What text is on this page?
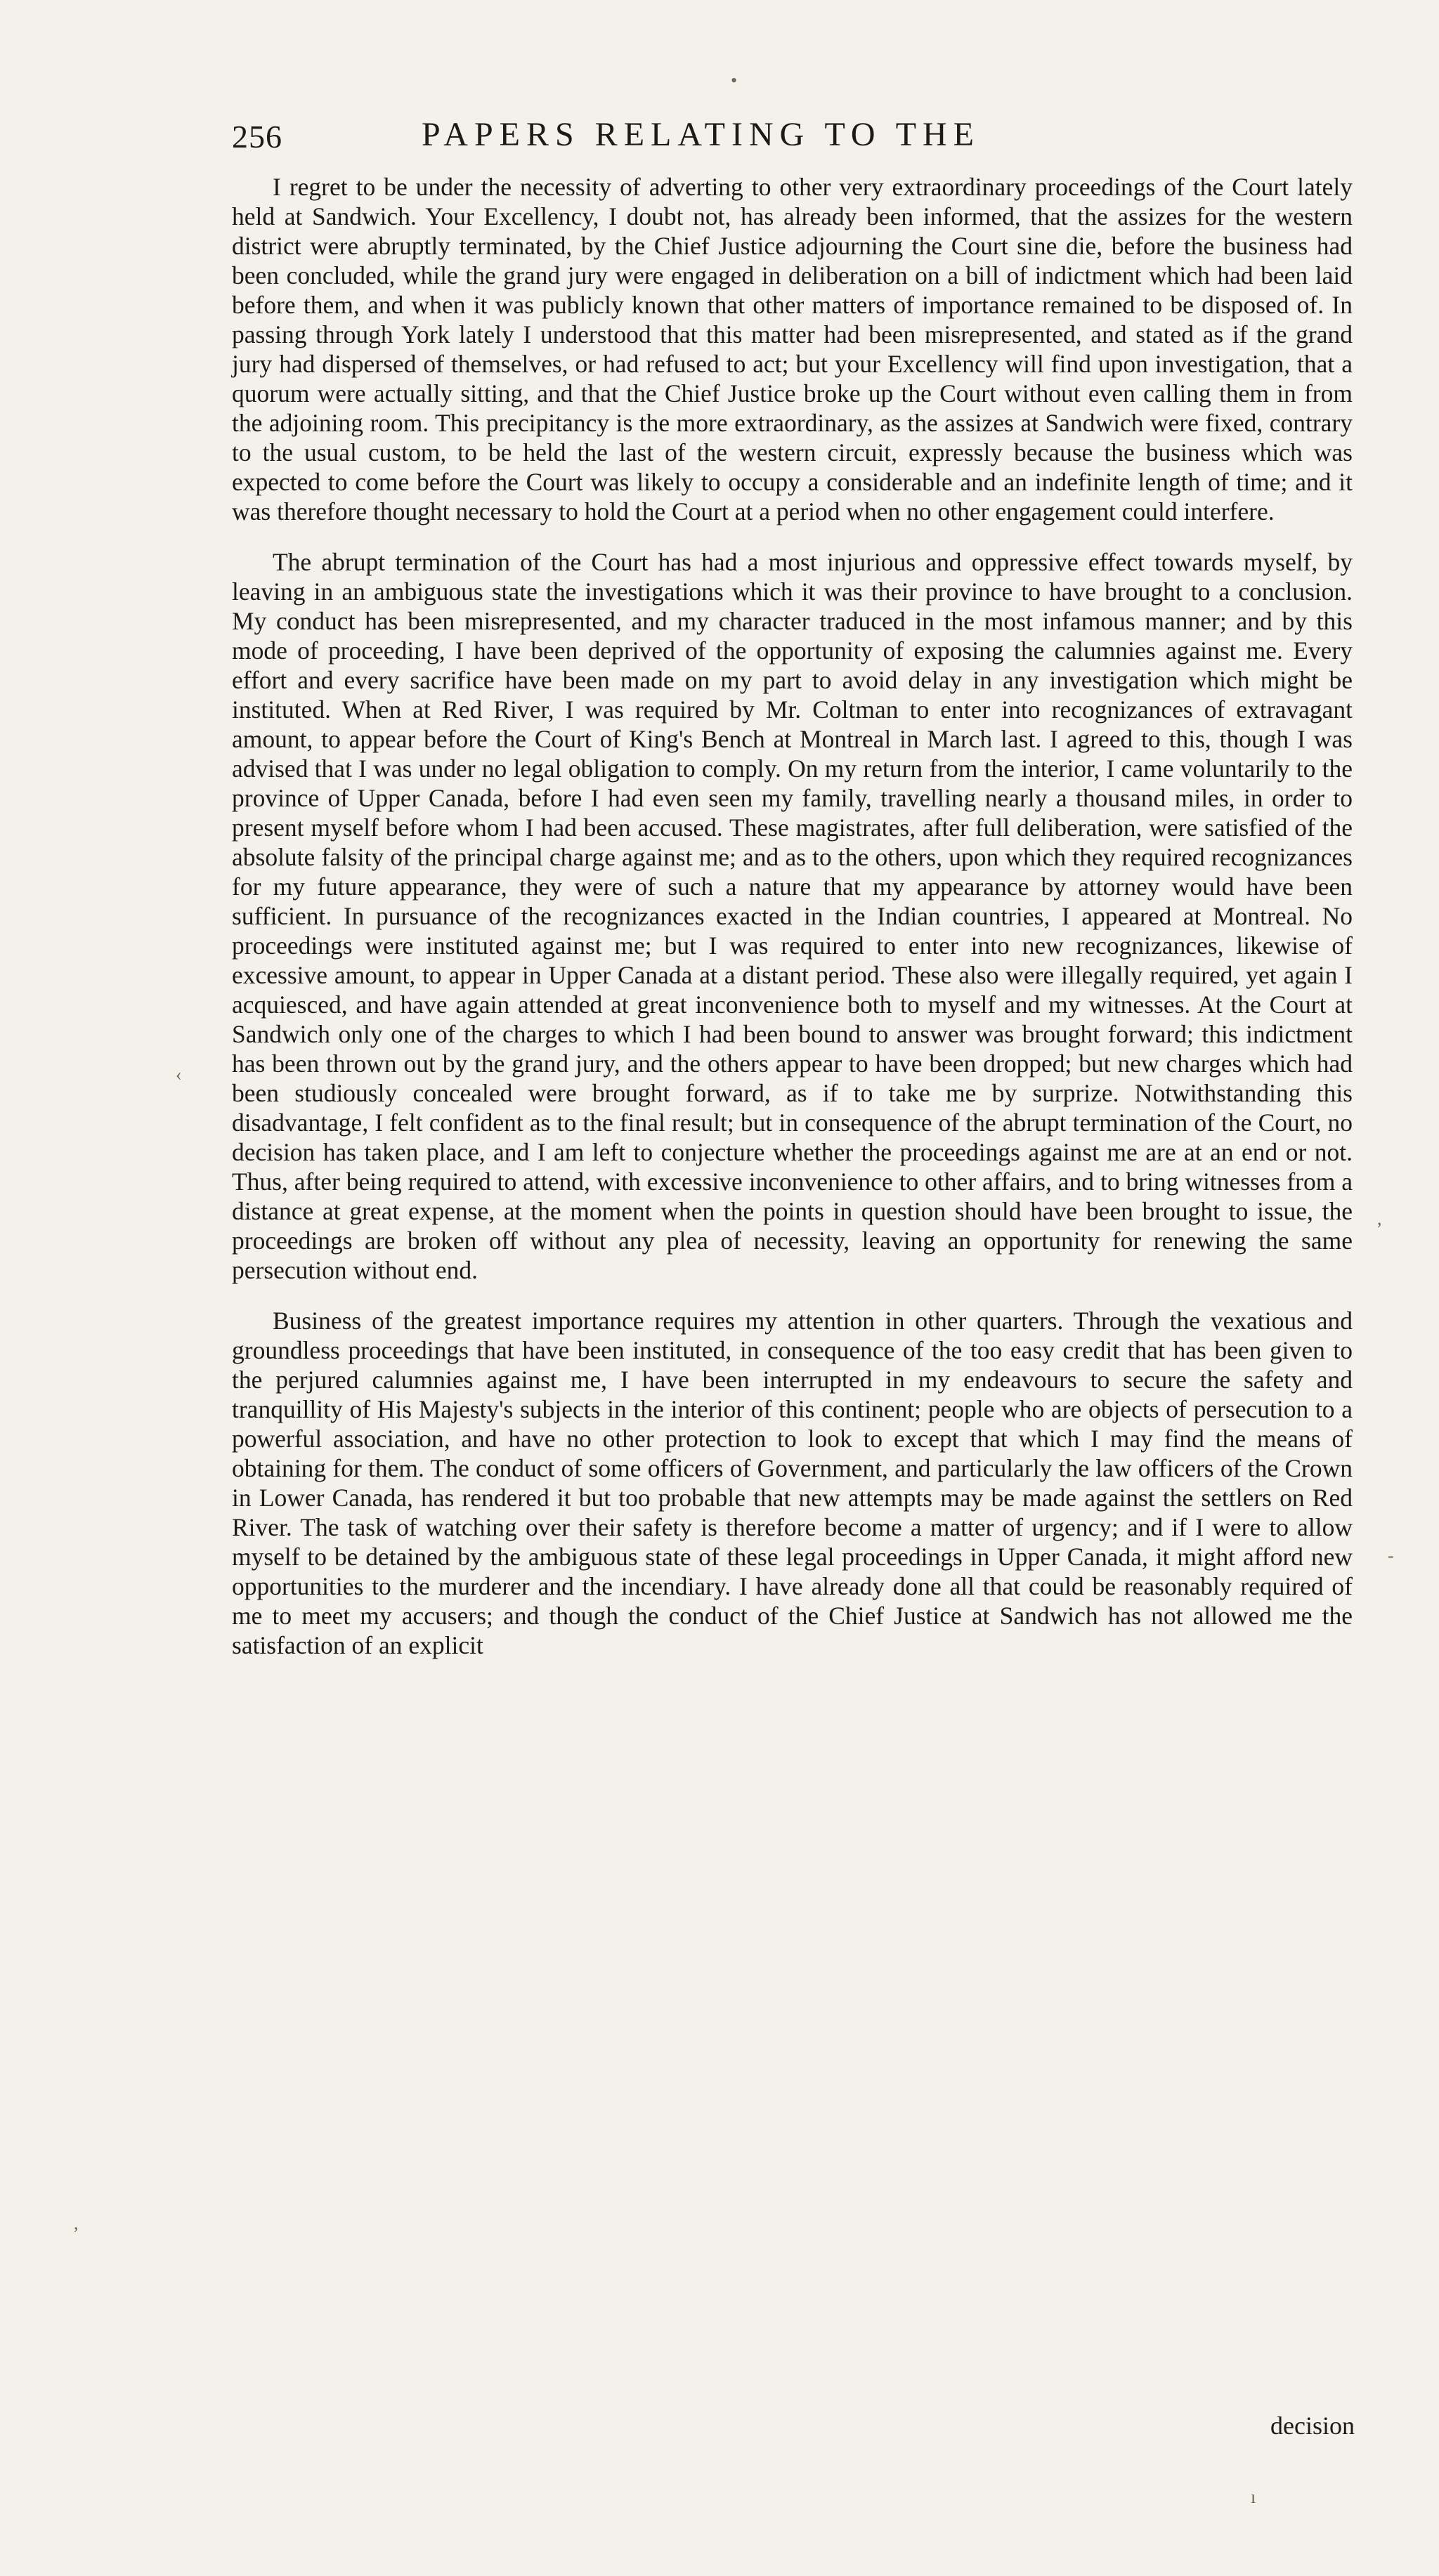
256	PAPERS RELATING TO THE

I regret to be under the necessity of adverting to other very extraordinary proceedings of the Court lately held at Sandwich. Your Excellency, I doubt not, has already been informed, that the assizes for the western district were abruptly terminated, by the Chief Justice adjourning the Court sine die, before the business had been concluded, while the grand jury were engaged in deliberation on a bill of indictment which had been laid before them, and when it was publicly known that other matters of importance remained to be disposed of. In passing through York lately I understood that this matter had been misrepresented, and stated as if the grand jury had dispersed of themselves, or had refused to act; but your Excellency will find upon investigation, that a quorum were actually sitting, and that the Chief Justice broke up the Court without even calling them in from the adjoining room. This precipitancy is the more extraordinary, as the assizes at Sandwich were fixed, contrary to the usual custom, to be held the last of the western circuit, expressly because the business which was expected to come before the Court was likely to occupy a considerable and an indefinite length of time; and it was therefore thought necessary to hold the Court at a period when no other engagement could interfere.

The abrupt termination of the Court has had a most injurious and oppressive effect towards myself, by leaving in an ambiguous state the investigations which it was their province to have brought to a conclusion. My conduct has been misrepresented, and my character traduced in the most infamous manner; and by this mode of proceeding, I have been deprived of the opportunity of exposing the calumnies against me. Every effort and every sacrifice have been made on my part to avoid delay in any investigation which might be instituted. When at Red River, I was required by Mr. Coltman to enter into recognizances of extravagant amount, to appear before the Court of King's Bench at Montreal in March last. I agreed to this, though I was advised that I was under no legal obligation to comply. On my return from the interior, I came voluntarily to the province of Upper Canada, before I had even seen my family, travelling nearly a thousand miles, in order to present myself before whom I had been accused. These magistrates, after full deliberation, were satisfied of the absolute falsity of the principal charge against me; and as to the others, upon which they required recognizances for my future appearance, they were of such a nature that my appearance by attorney would have been sufficient. In pursuance of the recognizances exacted in the Indian countries, I appeared at Montreal. No proceedings were instituted against me; but I was required to enter into new recognizances, likewise of excessive amount, to appear in Upper Canada at a distant period. These also were illegally required, yet again I acquiesced, and have again attended at great inconvenience both to myself and my witnesses. At the Court at Sandwich only one of the charges to which I had been bound to answer was brought forward; this indictment has been thrown out by the grand jury, and the others appear to have been dropped; but new charges which had been studiously concealed were brought forward, as if to take me by surprize. Notwithstanding this disadvantage, I felt confident as to the final result; but in consequence of the abrupt termination of the Court, no decision has taken place, and I am left to conjecture whether the proceedings against me are at an end or not. Thus, after being required to attend, with excessive inconvenience to other affairs, and to bring witnesses from a distance at great expense, at the moment when the points in question should have been brought to issue, the proceedings are broken off without any plea of necessity, leaving an opportunity for renewing the same persecution without end.

Business of the greatest importance requires my attention in other quarters. Through the vexatious and groundless proceedings that have been instituted, in consequence of the too easy credit that has been given to the perjured calumnies against me, I have been interrupted in my endeavours to secure the safety and tranquillity of His Majesty's subjects in the interior of this continent; people who are objects of persecution to a powerful association, and have no other protection to look to except that which I may find the means of obtaining for them. The conduct of some officers of Government, and particularly the law officers of the Crown in Lower Canada, has rendered it but too probable that new attempts may be made against the settlers on Red River. The task of watching over their safety is therefore become a matter of urgency; and if I were to allow myself to be detained by the ambiguous state of these legal proceedings in Upper Canada, it might afford new opportunities to the murderer and the incendiary. I have already done all that could be reasonably required of me to meet my accusers; and though the conduct of the Chief Justice at Sandwich has not allowed me the satisfaction of an explicit

decision
•
‹
,
-
,
ı
